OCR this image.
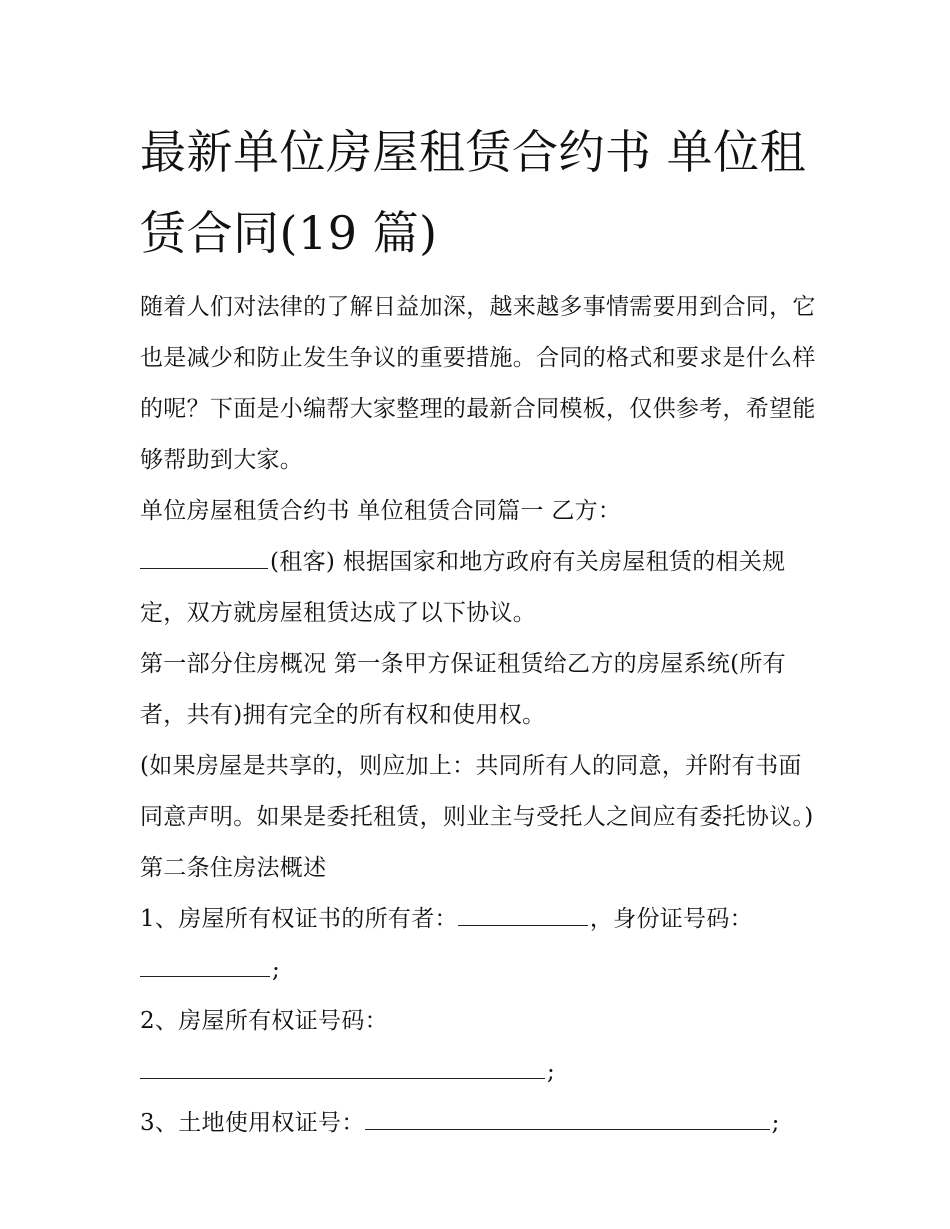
最新单位房屋租赁合约书 单位租赁合同(19 篇)

随着人们对法律的了解日益加深，越来越多事情需要用到合同，它也是减少和防止发生争议的重要措施。合同的格式和要求是什么样的呢？下面是小编帮大家整理的最新合同模板，仅供参考，希望能够帮助到大家。

单位房屋租赁合约书 单位租赁合同篇一 乙方：

(租客) 根据国家和地方政府有关房屋租赁的相关规定，双方就房屋租赁达成了以下协议。

第一部分住房概况 第一条甲方保证租赁给乙方的房屋系统(所有者，共有)拥有完全的所有权和使用权。

(如果房屋是共享的，则应加上：共同所有人的同意，并附有书面同意声明。如果是委托租赁，则业主与受托人之间应有委托协议。) 第二条住房法概述

1、房屋所有权证书的所有者：	，身份证号码：
;

2、房屋所有权证号码：
;

3、土地使用权证号：	;
